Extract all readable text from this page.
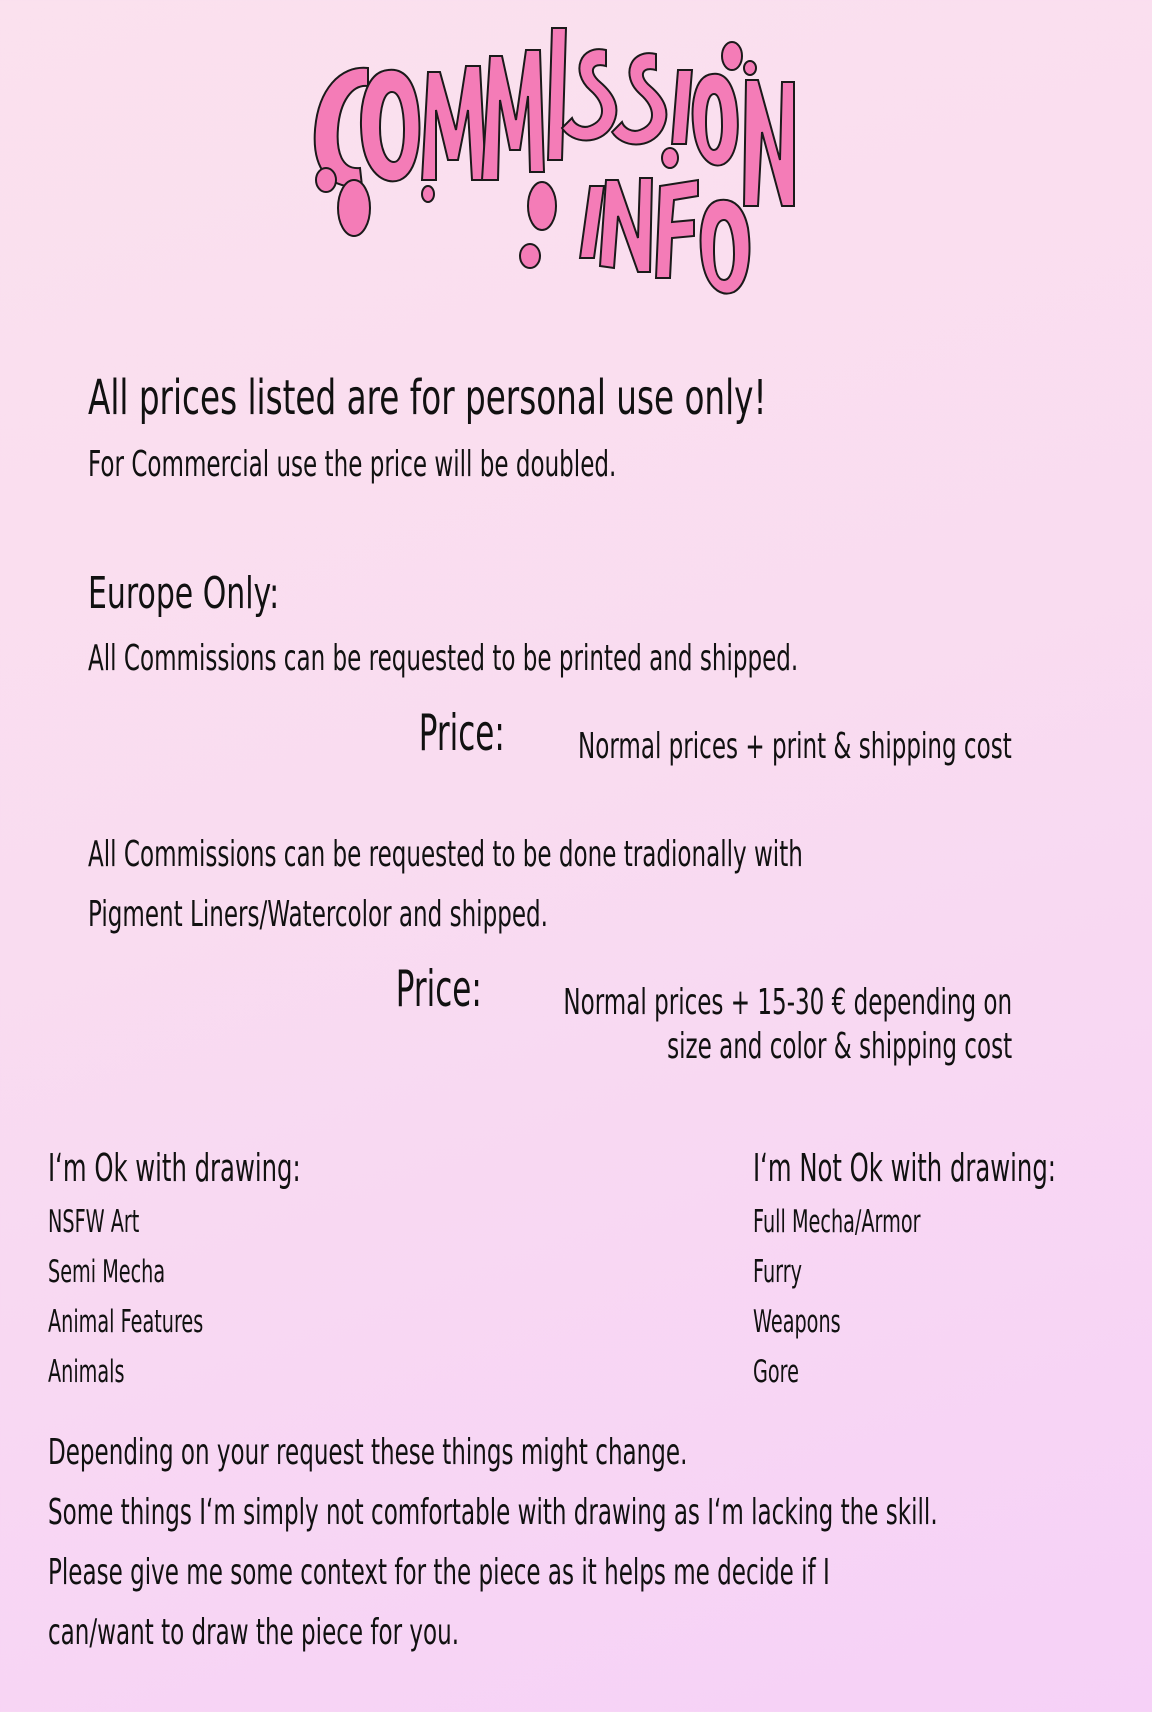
All prices listed are for personal use only!
For Commercial use the price will be doubled.
Europe Only:
All Commissions can be requested to be printed and shipped.
Price: Normal prices + print & shipping cost
All Commissions can be requested to be done tradionally with
Pigment Liners/Watercolor and shipped.
Price: Normal prices + 15-30 € depending on
size and color & shipping cost
I‘m Ok with drawing:
NSFW Art
Semi Mecha
Animal Features
Animals
I‘m Not Ok with drawing:
Full Mecha/Armor
Furry
Weapons
Gore
Depending on your request these things might change.
Some things I‘m simply not comfortable with drawing as I‘m lacking the skill.
Please give me some context for the piece as it helps me decide if I
can/want to draw the piece for you.
